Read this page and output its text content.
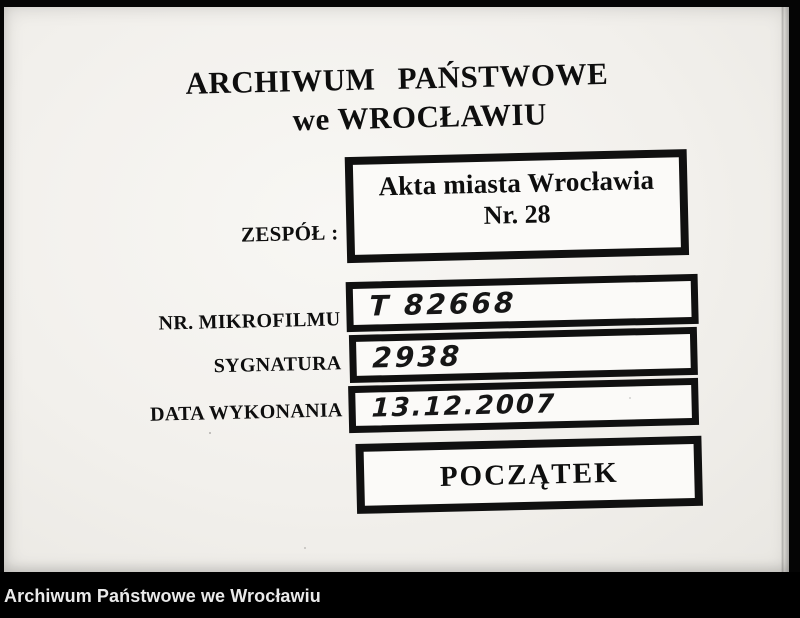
ARCHIWUM PAŃSTWOWE
we WROCŁAWIU
ZESPÓŁ :
Akta miasta Wrocławia
Nr. 28
NR. MIKROFILMU T 82668
SYGNATURA	2938
DATA WYKONANIA	13.12.2007
POCZĄTEK
Archiwum Państwowe we Wrocławiu
